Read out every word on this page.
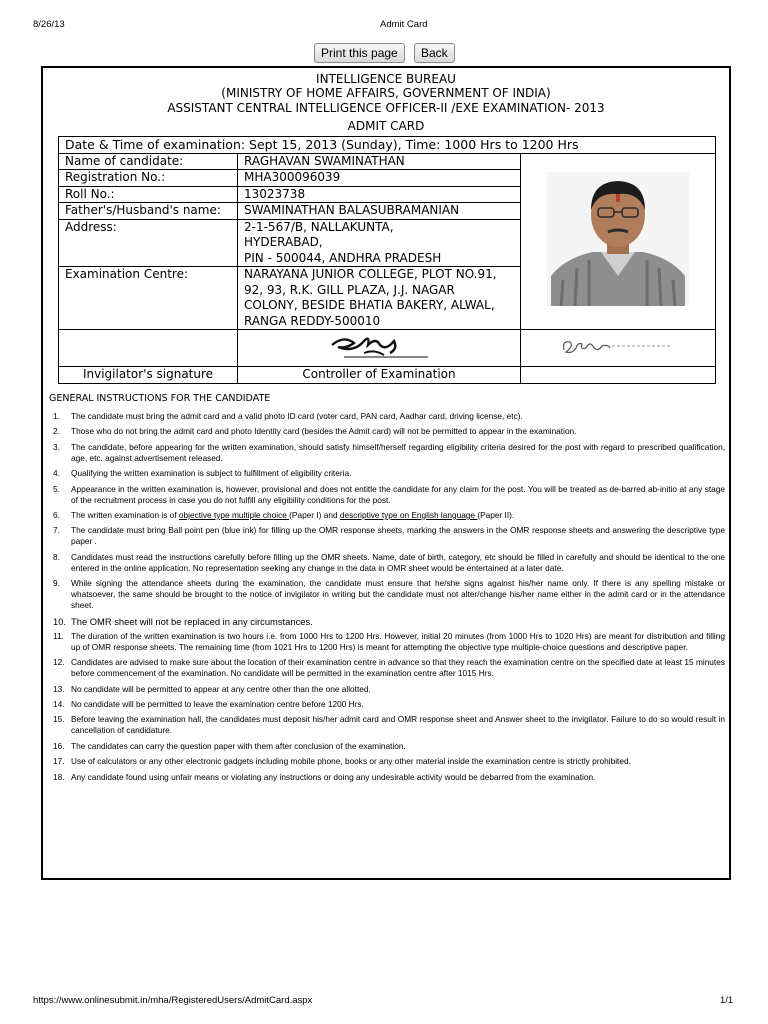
8/26/13	Admit Card
Print this page	Back
INTELLIGENCE BUREAU
(MINISTRY OF HOME AFFAIRS, GOVERNMENT OF INDIA)
ASSISTANT CENTRAL INTELLIGENCE OFFICER-II /EXE EXAMINATION- 2013
ADMIT CARD
Date & Time of examination: Sept 15, 2013 (Sunday), Time: 1000 Hrs to 1200 Hrs		
Name of candidate:	RAGHAVAN SWAMINATHAN	
Registration No.:	MHA300096039	
Roll No.:	13023738	
Father's/Husband's name:	SWAMINATHAN BALASUBRAMANIAN	
Address:	2-1-567/B, NALLAKUNTA,
HYDERABAD,
PIN - 500044, ANDHRA PRADESH	

Examination Centre:	NARAYANA JUNIOR COLLEGE, PLOT NO.91,
92, 93, R.K. GILL PLAZA, J.J. NAGAR
COLONY, BESIDE BHATIA BAKERY, ALWAL,
RANGA REDDY-500010	

Invigilator's signature	Controller of Examination	
GENERAL INSTRUCTIONS FOR THE CANDIDATE
1. The candidate must bring the admit card and a valid photo ID card (voter card, PAN card, Aadhar card, driving license, etc).
2. Those who do not bring the admit card and photo Identity card (besides the Admit card) will not be permitted to appear in the examination.
3. The candidate, before appearing for the written examination, should satisfy himself/herself regarding eligibility criteria desired for the post with regard to prescribed qualification, age, etc. against advertisement released.
4. Qualifying the written examination is subject to fulfillment of eligibility criteria.
5. Appearance in the written examination is, however, provisional and does not entitle the candidate for any claim for the post. You will be treated as de-barred ab-initio at any stage of the recruitment process in case you do not fulfill any eligibility conditions for the post.
6. The written examination is of objective type multiple choice (Paper I) and descriptive type on English language (Paper II).
7. The candidate must bring Ball point pen (blue ink) for filling up the OMR response sheets, marking the answers in the OMR response sheets and answering the descriptive type paper .
8. Candidates must read the instructions carefully before filling up the OMR sheets. Name, date of birth, category, etc should be filled in carefully and should be identical to the one entered in the online application. No representation seeking any change in the data in OMR sheet would be entertained at a later date.
9. While signing the attendance sheets during the examination, the candidate must ensure that he/she signs against his/her name only. If there is any spelling mistake or whatsoever, the same should be brought to the notice of invigilator in writing but the candidate must not alter/change his/her name either in the admit card or in the attendance sheet.
10. The OMR sheet will not be replaced in any circumstances.
11. The duration of the written examination is two hours i.e. from 1000 Hrs to 1200 Hrs. However, initial 20 minutes (from 1000 Hrs to 1020 Hrs) are meant for distribution and filling up of OMR response sheets. The remaining time (from 1021 Hrs to 1200 Hrs) is meant for attempting the objective type multiple-choice questions and descriptive paper.
12. Candidates are advised to make sure about the location of their examination centre in advance so that they reach the examination centre on the specified date at least 15 minutes before commencement of the examination. No candidate will be permitted in the examination centre after 1015 Hrs.
13. No candidate will be permitted to appear at any centre other than the one allotted.
14. No candidate will be permitted to leave the examination centre before 1200 Hrs.
15. Before leaving the examination hall, the candidates must deposit his/her admit card and OMR response sheet and Answer sheet to the invigilator. Failure to do so would result in cancellation of candidature.
16. The candidates can carry the question paper with them after conclusion of the examination.
17. Use of calculators or any other electronic gadgets including mobile phone, books or any other material inside the examination centre is strictly prohibited.
18. Any candidate found using unfair means or violating any instructions or doing any undesirable activity would be debarred from the examination.
https://www.onlinesubmit.in/mha/RegisteredUsers/AdmitCard.aspx	1/1
